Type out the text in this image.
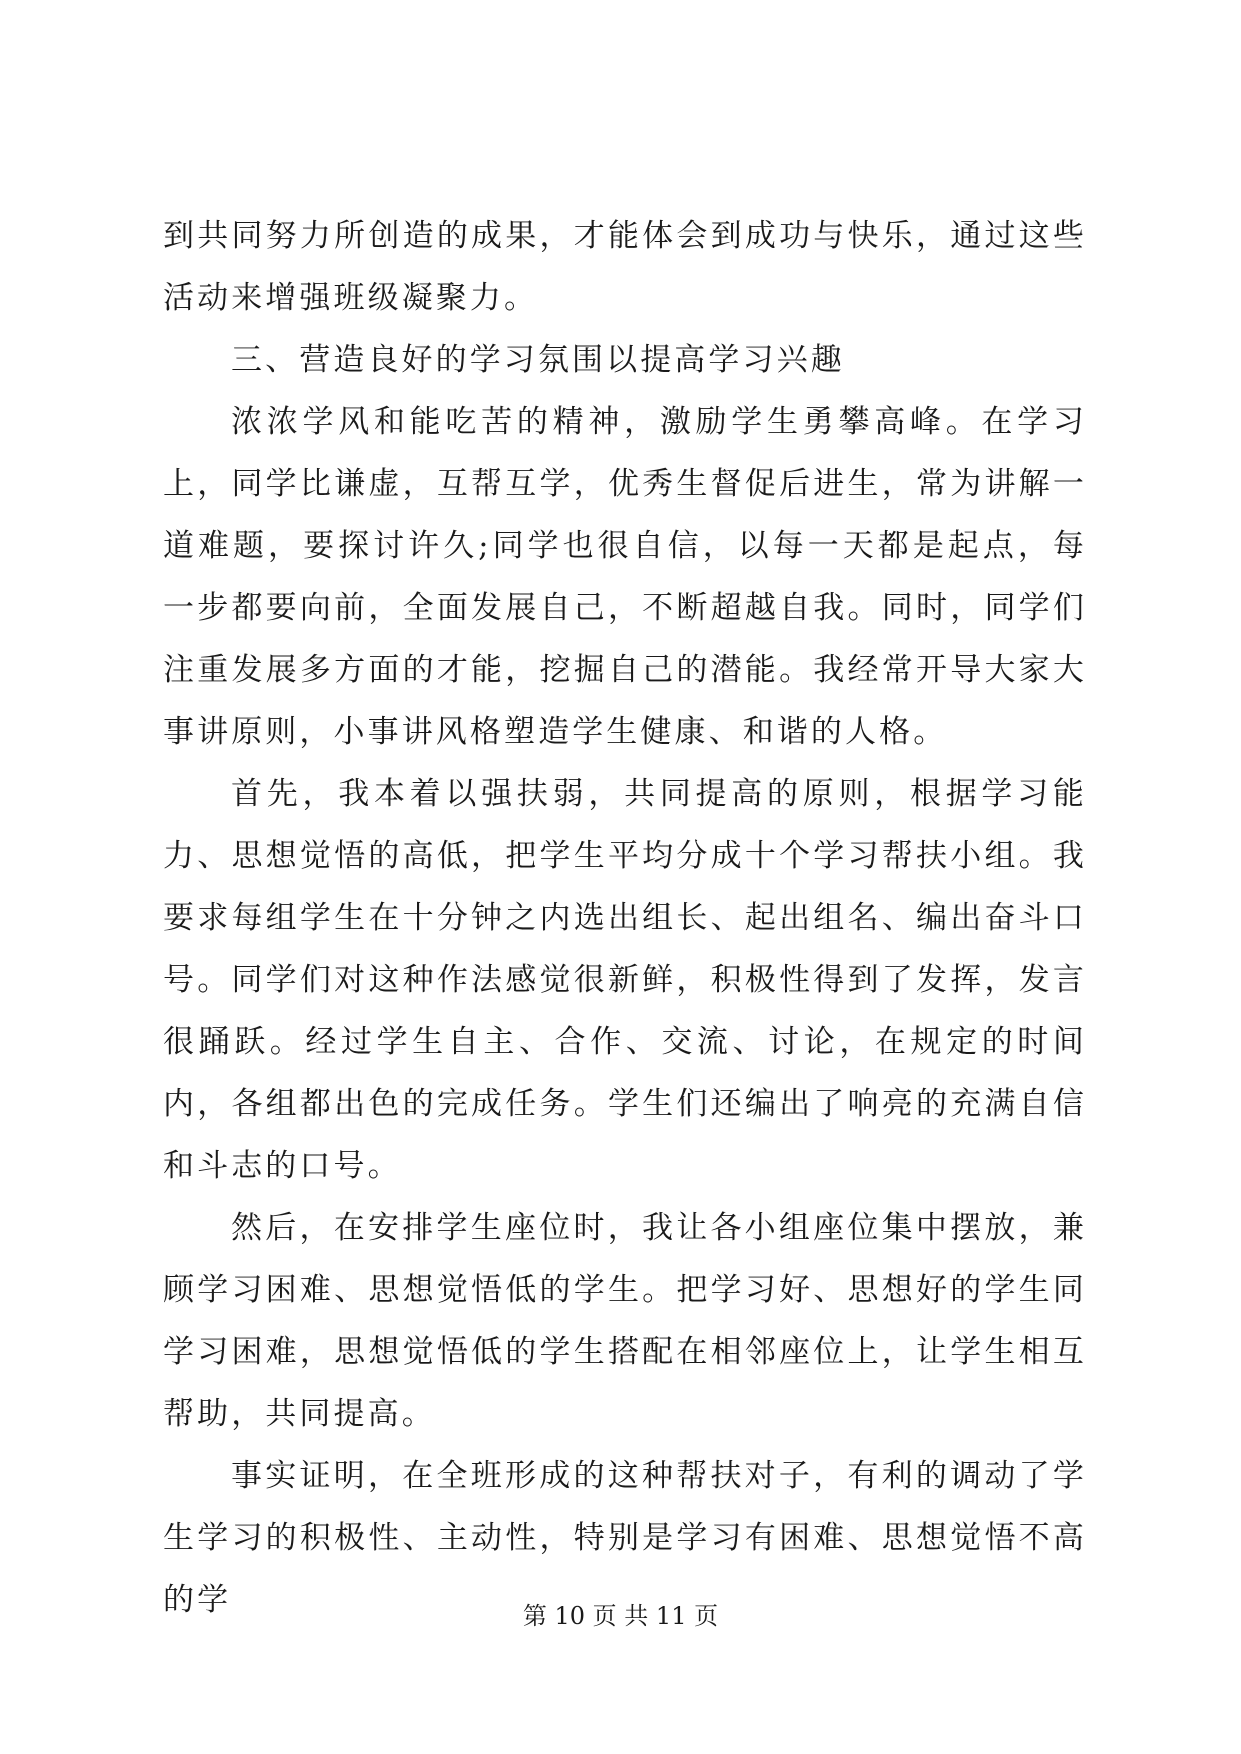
到共同努力所创造的成果，才能体会到成功与快乐，通过这些活动来增强班级凝聚力。

三、营造良好的学习氛围以提高学习兴趣

浓浓学风和能吃苦的精神，激励学生勇攀高峰。在学习上，同学比谦虚，互帮互学，优秀生督促后进生，常为讲解一道难题，要探讨许久;同学也很自信，以每一天都是起点，每一步都要向前，全面发展自己，不断超越自我。同时，同学们注重发展多方面的才能，挖掘自己的潜能。我经常开导大家大事讲原则，小事讲风格塑造学生健康、和谐的人格。

首先，我本着以强扶弱，共同提高的原则，根据学习能力、思想觉悟的高低，把学生平均分成十个学习帮扶小组。我要求每组学生在十分钟之内选出组长、起出组名、编出奋斗口号。同学们对这种作法感觉很新鲜，积极性得到了发挥，发言很踊跃。经过学生自主、合作、交流、讨论，在规定的时间内，各组都出色的完成任务。学生们还编出了响亮的充满自信和斗志的口号。

然后，在安排学生座位时，我让各小组座位集中摆放，兼顾学习困难、思想觉悟低的学生。把学习好、思想好的学生同学习困难，思想觉悟低的学生搭配在相邻座位上，让学生相互帮助，共同提高。

事实证明，在全班形成的这种帮扶对子，有利的调动了学生学习的积极性、主动性，特别是学习有困难、思想觉悟不高的学	第 10 页 共 11 页
